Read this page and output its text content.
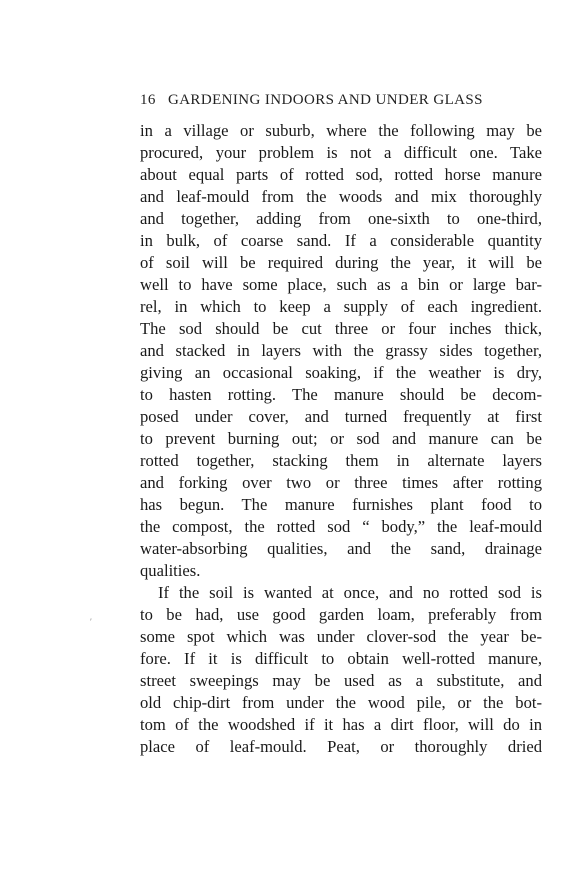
16 GARDENING INDOORS AND UNDER GLASS
in a village or suburb, where the following may be
procured, your problem is not a difficult one. Take
about equal parts of rotted sod, rotted horse manure
and leaf-mould from the woods and mix thoroughly
and together, adding from one-sixth to one-third,
in bulk, of coarse sand. If a considerable quantity
of soil will be required during the year, it will be
well to have some place, such as a bin or large bar-
rel, in which to keep a supply of each ingredient.
The sod should be cut three or four inches thick,
and stacked in layers with the grassy sides together,
giving an occasional soaking, if the weather is dry,
to hasten rotting. The manure should be decom-
posed under cover, and turned frequently at first
to prevent burning out; or sod and manure can be
rotted together, stacking them in alternate layers
and forking over two or three times after rotting
has begun. The manure furnishes plant food to
the compost, the rotted sod “ body,” the leaf-mould
water-absorbing qualities, and the sand, drainage
qualities.
If the soil is wanted at once, and no rotted sod is
to be had, use good garden loam, preferably from
some spot which was under clover-sod the year be-
fore. If it is difficult to obtain well-rotted manure,
street sweepings may be used as a substitute, and
old chip-dirt from under the wood pile, or the bot-
tom of the woodshed if it has a dirt floor, will do in
place of leaf-mould. Peat, or thoroughly dried
′
